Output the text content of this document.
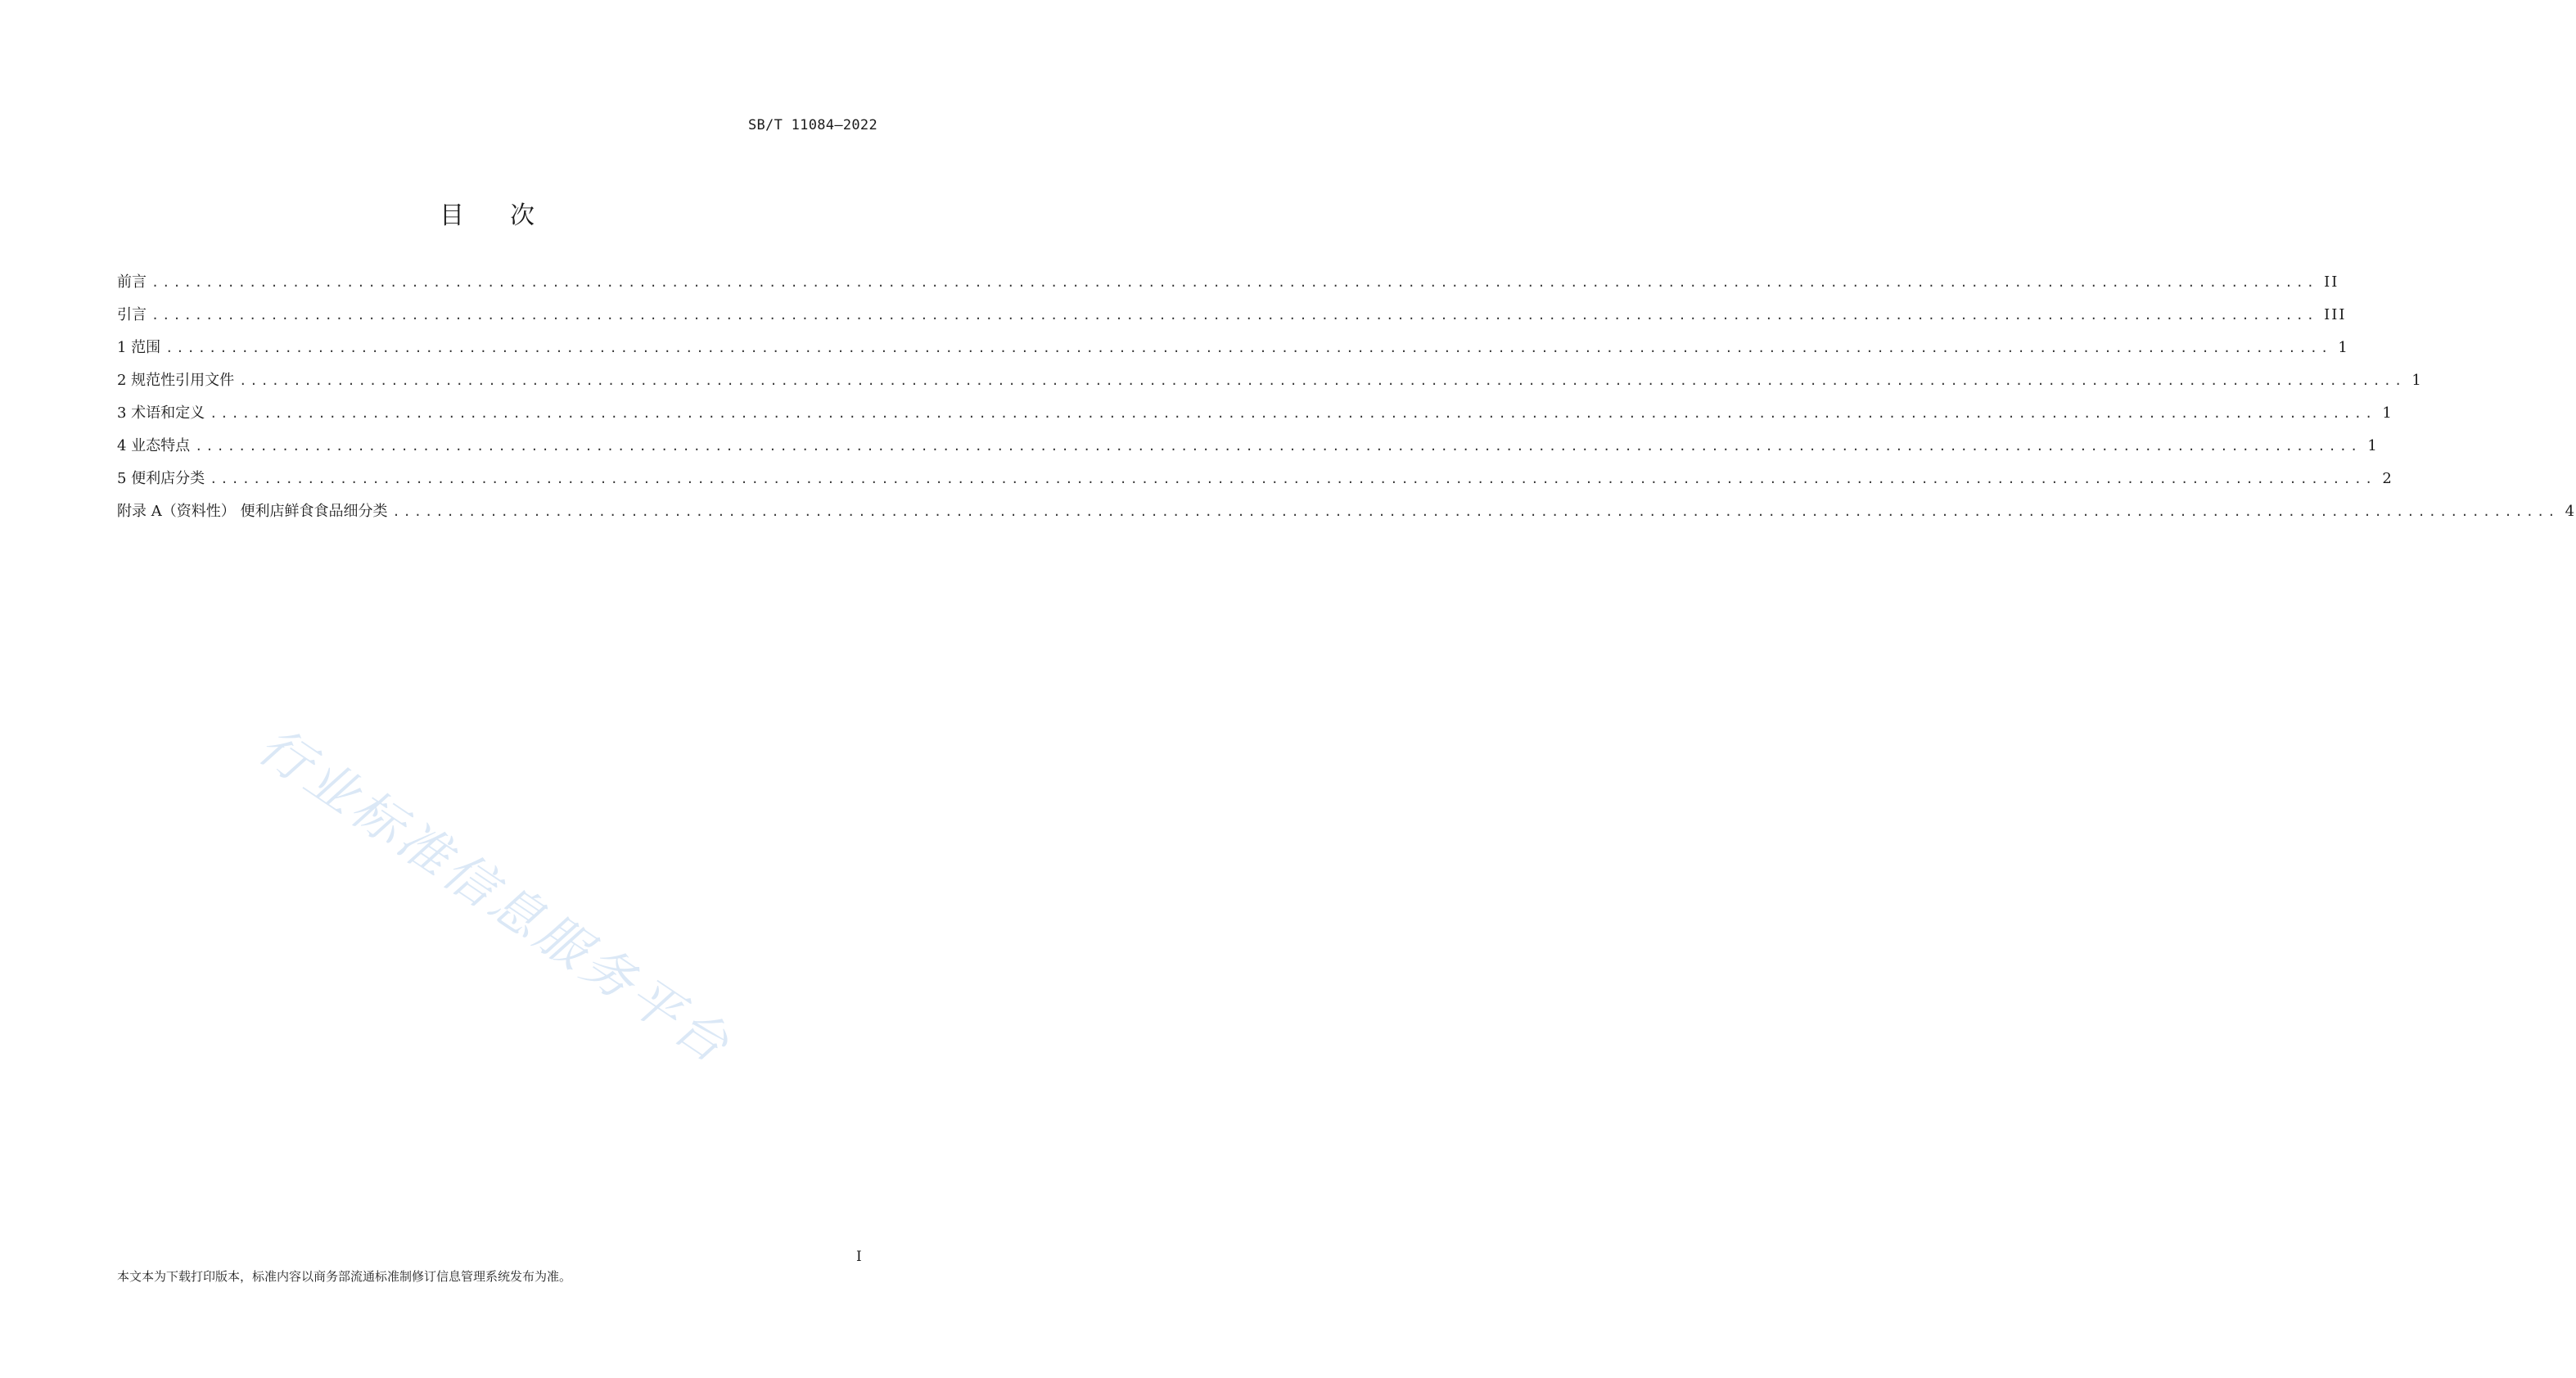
SB/T 11084—2022
目次
前言 ........................................................................................................................................................................................................ II
引言 ........................................................................................................................................................................................................ III
1 范围 ........................................................................................................................................................................................................ 1
2 规范性引用文件 ........................................................................................................................................................................................................ 1
3 术语和定义 ........................................................................................................................................................................................................ 1
4 业态特点 ........................................................................................................................................................................................................ 1
5 便利店分类 ........................................................................................................................................................................................................ 2
附录 A（资料性） 便利店鲜食食品细分类 ........................................................................................................................................................................................................ 4
行业标准信息服务平台
I
本文本为下载打印版本，标准内容以商务部流通标准制修订信息管理系统发布为准。
